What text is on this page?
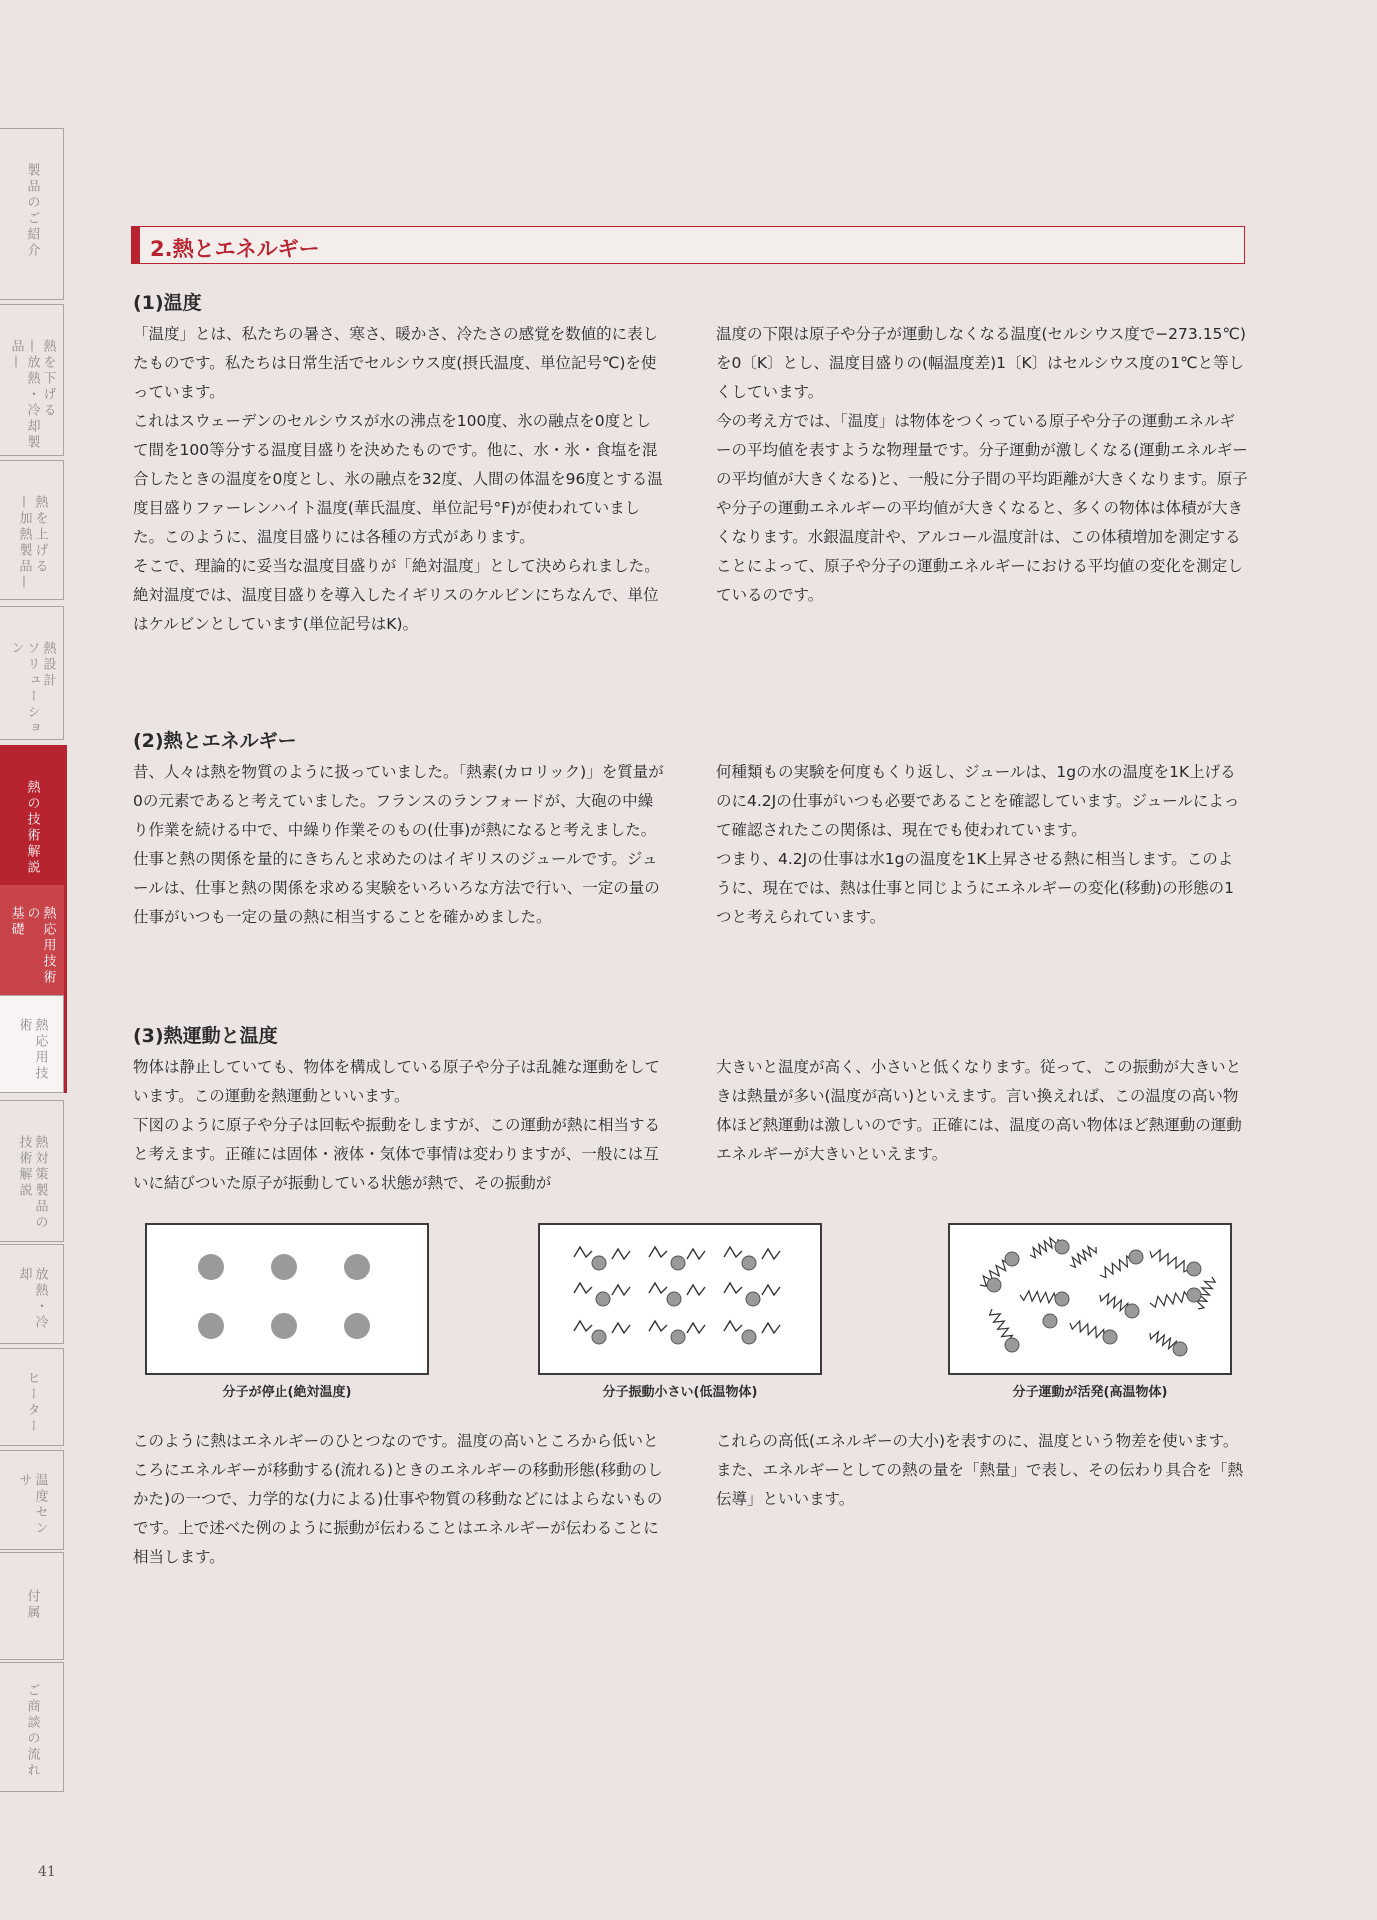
製品のご紹介
熱を下げる
—放熱・冷却製品—
熱を上げる
—加熱製品—
熱設計
ソリューション
熱の技術解説
熱応用技術の
基礎
熱応用技術
熱対策製品の
技術解説
放熱・冷却
ヒーター
温度センサ
付属
ご商談の流れ
2.熱とエネルギー
(1)温度

「温度」とは、私たちの暑さ、寒さ、暖かさ、冷たさの感覚を数値的に表したものです。私たちは日常生活でセルシウス度(摂氏温度、単位記号℃)を使っています。

これはスウェーデンのセルシウスが水の沸点を100度、氷の融点を0度として間を100等分する温度目盛りを決めたものです。他に、水・氷・食塩を混合したときの温度を0度とし、氷の融点を32度、人間の体温を96度とする温度目盛りファーレンハイト温度(華氏温度、単位記号°F)が使われていました。このように、温度目盛りには各種の方式があります。

そこで、理論的に妥当な温度目盛りが「絶対温度」として決められました。絶対温度では、温度目盛りを導入したイギリスのケルビンにちなんで、単位はケルビンとしています(単位記号はK)。

温度の下限は原子や分子が運動しなくなる温度(セルシウス度で−273.15℃)を0〔K〕とし、温度目盛りの(幅温度差)1〔K〕はセルシウス度の1℃と等しくしています。

今の考え方では、「温度」は物体をつくっている原子や分子の運動エネルギーの平均値を表すような物理量です。分子運動が激しくなる(運動エネルギーの平均値が大きくなる)と、一般に分子間の平均距離が大きくなります。原子や分子の運動エネルギーの平均値が大きくなると、多くの物体は体積が大きくなります。水銀温度計や、アルコール温度計は、この体積増加を測定することによって、原子や分子の運動エネルギーにおける平均値の変化を測定しているのです。

(2)熱とエネルギー

昔、人々は熱を物質のように扱っていました。「熱素(カロリック)」を質量が0の元素であると考えていました。フランスのランフォードが、大砲の中繰り作業を続ける中で、中繰り作業そのもの(仕事)が熱になると考えました。

仕事と熱の関係を量的にきちんと求めたのはイギリスのジュールです。ジュールは、仕事と熱の関係を求める実験をいろいろな方法で行い、一定の量の仕事がいつも一定の量の熱に相当することを確かめました。

何種類もの実験を何度もくり返し、ジュールは、1gの水の温度を1K上げるのに4.2Jの仕事がいつも必要であることを確認しています。ジュールによって確認されたこの関係は、現在でも使われています。

つまり、4.2Jの仕事は水1gの温度を1K上昇させる熱に相当します。このように、現在では、熱は仕事と同じようにエネルギーの変化(移動)の形態の1つと考えられています。

(3)熱運動と温度

物体は静止していても、物体を構成している原子や分子は乱雑な運動をしています。この運動を熱運動といいます。

下図のように原子や分子は回転や振動をしますが、この運動が熱に相当すると考えます。正確には固体・液体・気体で事情は変わりますが、一般には互いに結びついた原子が振動している状態が熱で、その振動が

大きいと温度が高く、小さいと低くなります。従って、この振動が大きいときは熱量が多い(温度が高い)といえます。言い換えれば、この温度の高い物体ほど熱運動は激しいのです。正確には、温度の高い物体ほど熱運動の運動エネルギーが大きいといえます。

分子が停止(絶対温度)	分子振動小さい(低温物体)	分子運動が活発(高温物体)

このように熱はエネルギーのひとつなのです。温度の高いところから低いところにエネルギーが移動する(流れる)ときのエネルギーの移動形態(移動のしかた)の一つで、力学的な(力による)仕事や物質の移動などにはよらないものです。上で述べた例のように振動が伝わることはエネルギーが伝わることに相当します。

これらの高低(エネルギーの大小)を表すのに、温度という物差を使います。また、エネルギーとしての熱の量を「熱量」で表し、その伝わり具合を「熱伝導」といいます。

41
